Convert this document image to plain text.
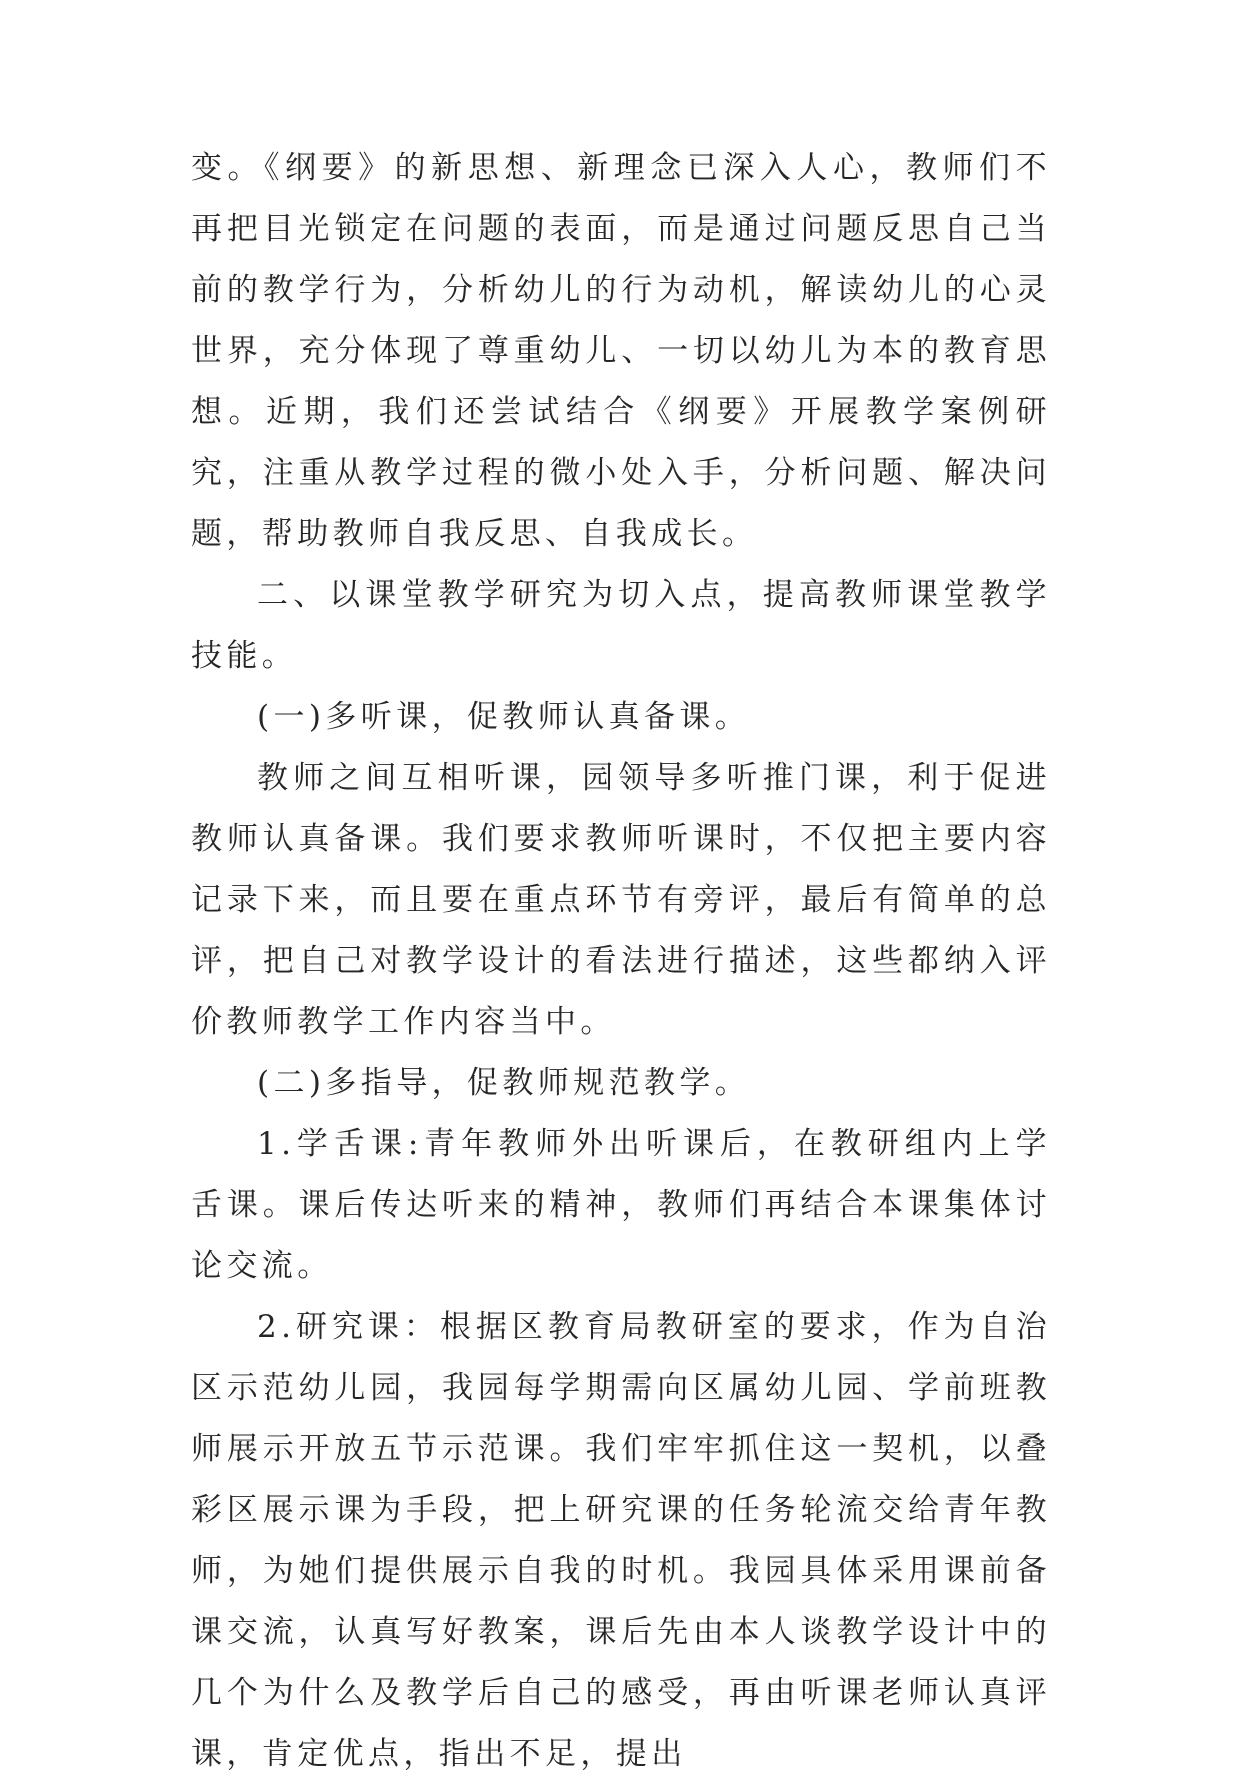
变。《纲要》的新思想、新理念已深入人心，教师们不再把目光锁定在问题的表面，而是通过问题反思自己当前的教学行为，分析幼儿的行为动机，解读幼儿的心灵世界，充分体现了尊重幼儿、一切以幼儿为本的教育思想。近期，我们还尝试结合《纲要》开展教学案例研究，注重从教学过程的微小处入手，分析问题、解决问题，帮助教师自我反思、自我成长。

二、以课堂教学研究为切入点，提高教师课堂教学技能。

(一)多听课，促教师认真备课。

教师之间互相听课，园领导多听推门课，利于促进教师认真备课。我们要求教师听课时，不仅把主要内容记录下来，而且要在重点环节有旁评，最后有简单的总评，把自己对教学设计的看法进行描述，这些都纳入评价教师教学工作内容当中。

(二)多指导，促教师规范教学。

1.学舌课:青年教师外出听课后，在教研组内上学舌课。课后传达听来的精神，教师们再结合本课集体讨论交流。

2.研究课：根据区教育局教研室的要求，作为自治区示范幼儿园，我园每学期需向区属幼儿园、学前班教师展示开放五节示范课。我们牢牢抓住这一契机，以叠彩区展示课为手段，把上研究课的任务轮流交给青年教师，为她们提供展示自我的时机。我园具体采用课前备课交流，认真写好教案，课后先由本人谈教学设计中的几个为什么及教学后自己的感受，再由听课老师认真评课，肯定优点，指出不足，提出
